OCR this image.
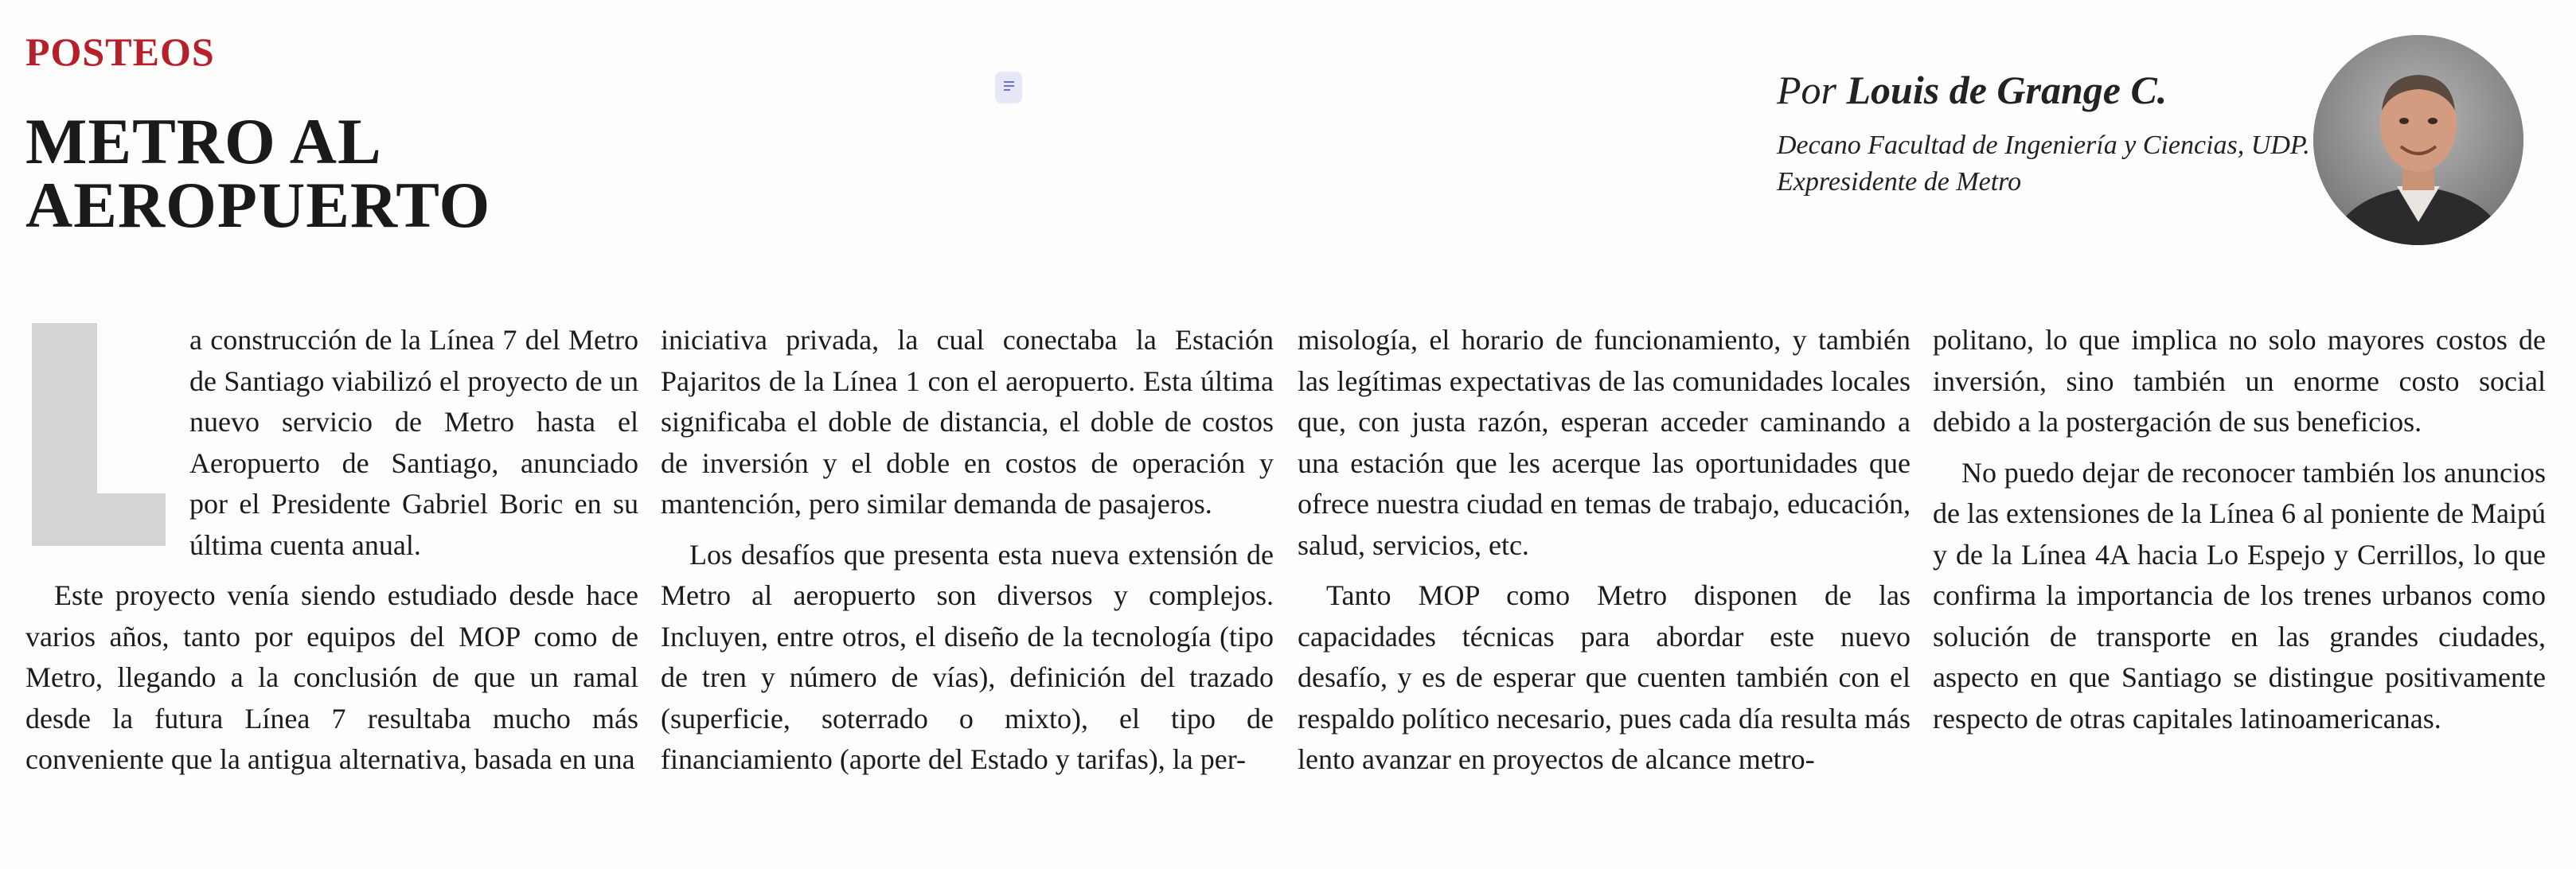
POSTEOS
METRO AL
AEROPUERTO
Por Louis de Grange C.
Decano Facultad de Ingeniería y Ciencias, UDP. Expresidente de Metro

a construcción de la Línea 7 del Metro de Santiago viabilizó el proyecto de un nuevo servicio de Metro hasta el Aeropuerto de Santiago, anunciado por el Presidente Gabriel Boric en su última cuenta anual.

Este proyecto venía siendo estudiado desde hace varios años, tanto por equipos del MOP como de Metro, llegando a la conclusión de que un ramal desde la futura Línea 7 resultaba mucho más conveniente que la antigua alternativa, basada en una

iniciativa privada, la cual conectaba la Estación Pajaritos de la Línea 1 con el aeropuerto. Esta última significaba el doble de distancia, el doble de costos de inversión y el doble en costos de operación y mantención, pero similar demanda de pasajeros.

Los desafíos que presenta esta nueva extensión de Metro al aeropuerto son diversos y complejos. Incluyen, entre otros, el diseño de la tecnología (tipo de tren y número de vías), definición del trazado (superficie, soterrado o mixto), el tipo de financiamiento (aporte del Estado y tarifas), la per-

misología, el horario de funcionamiento, y también las legítimas expectativas de las comunidades locales que, con justa razón, esperan acceder caminando a una estación que les acerque las oportunidades que ofrece nuestra ciudad en temas de trabajo, educación, salud, servicios, etc.

Tanto MOP como Metro disponen de las capacidades técnicas para abordar este nuevo desafío, y es de esperar que cuenten también con el respaldo político necesario, pues cada día resulta más lento avanzar en proyectos de alcance metro-

politano, lo que implica no solo mayores costos de inversión, sino también un enorme costo social debido a la postergación de sus beneficios.

No puedo dejar de reconocer también los anuncios de las extensiones de la Línea 6 al poniente de Maipú y de la Línea 4A hacia Lo Espejo y Cerrillos, lo que confirma la importancia de los trenes urbanos como solución de transporte en las grandes ciudades, aspecto en que Santiago se distingue positivamente respecto de otras capitales latinoamericanas.
